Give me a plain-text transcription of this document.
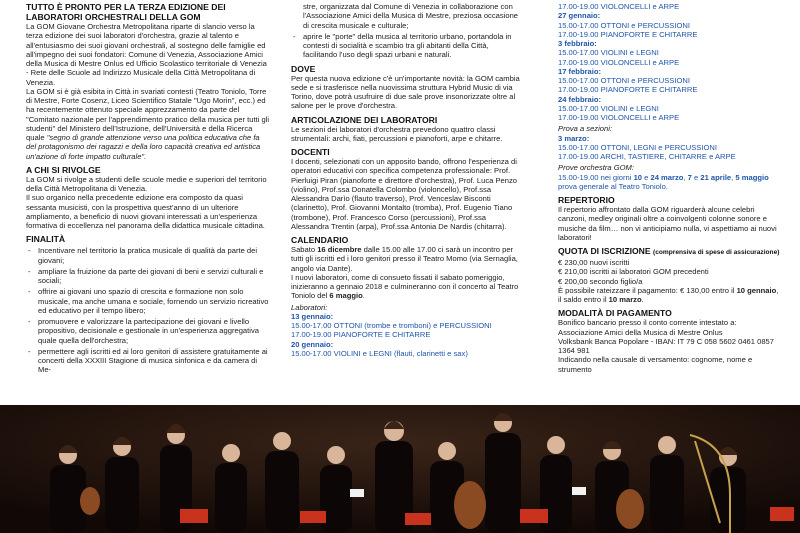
TUTTO È PRONTO PER LA TERZA EDIZIONE DEI LABORATORI ORCHESTRALI DELLA GOM

La GOM Giovane Orchestra Metropolitana riparte di slancio verso la terza edizione dei suoi laboratori d'orchestra, grazie al talento e all'entusiasmo dei suoi giovani orchestrali, al sostegno delle famiglie ed all'impegno dei suoi fondatori: Comune di Venezia, Associazione Amici della Musica di Mestre Onlus ed Ufficio Scolastico territoriale di Venezia - Rete delle Scuole ad Indirizzo Musicale della Città Metropolitana di Venezia.

La GOM si è già esibita in Città in svariati contesti (Teatro Toniolo, Torre di Mestre, Forte Cosenz, Liceo Scientifico Statale "Ugo Morin", ecc.) ed ha recentemente ottenuto speciale apprezzamento da parte del "Comitato nazionale per l'apprendimento pratico della musica per tutti gli studenti" del Ministero dell'Istruzione, dell'Università e della Ricerca quale "segno di grande attenzione verso una politica educativa che fa del protagonismo dei ragazzi e della loro capacità creativa ed artistica un'azione di forte impatto culturale".

A CHI SI RIVOLGE

La GOM si rivolge a studenti delle scuole medie e superiori del territorio della Città Metropolitana di Venezia.

Il suo organico nella precedente edizione era composto da quasi sessanta musicisti, con la prospettiva quest'anno di un ulteriore ampliamento, a beneficio di nuovi giovani interessati a un'esperienza formativa di eccellenza nel panorama della didattica musicale cittadina.

FINALITÀ
- Incentivare nel territorio la pratica musicale di qualità da parte dei giovani;
- ampliare la fruizione da parte dei giovani di beni e servizi culturali e sociali;
- offrire ai giovani uno spazio di crescita e formazione non solo musicale, ma anche umana e sociale, fornendo un servizio ricreativo ed educativo per il tempo libero;
- promuovere e valorizzare la partecipazione dei giovani e livello propositivo, decisionale e gestionale in un'esperienza aggregativa quale quella dell'orchestra;
- permettere agli iscritti ed ai loro genitori di assistere gratuitamente ai concerti della XXXIII Stagione di musica sinfonica e da camera di Me-
stre, organizzata dal Comune di Venezia in collaborazione con l'Associazione Amici della Musica di Mestre, preziosa occasione di crescita musicale e culturale;
- aprire le "porte" della musica al territorio urbano, portandola in contesti di socialità e scambio tra gli abitanti della Città, facilitando l'uso degli spazi urbani e naturali.
DOVE

Per questa nuova edizione c'è un'importante novità: la GOM cambia sede e si trasferisce nella nuovissima struttura Hybrid Music di via Torino, dove potrà usufruire di due sale prove insonorizzate oltre al salone per le prove d'orchestra.

ARTICOLAZIONE DEI LABORATORI

Le sezioni dei laboratori d'orchestra prevedono quattro classi strumentali: archi, fiati, percussioni e pianoforti, arpe e chitarre.

DOCENTI

I docenti, selezionati con un apposito bando, offrono l'esperienza di operatori educativi con specifica competenza professionale: Prof. Pierluigi Piran (pianoforte e direttore d'orchestra), Prof. Luca Penzo (violino), Prof.ssa Donatella Colombo (violoncello), Prof.ssa Alessandra Darìo (flauto traverso), Prof. Venceslav Bisconti (clarinetto), Prof. Giovanni Montalto (tromba), Prof. Eugenio Tiano (trombone), Prof. Francesco Corso (percussioni), Prof.ssa Alessandra Trentin (arpa), Prof.ssa Antonia De Nardis (chitarra).

CALENDARIO

Sabato 16 dicembre dalle 15.00 alle 17.00 ci sarà un incontro per tutti gli iscritti ed i loro genitori presso il Teatro Momo (via Sernaglia, angolo via Dante).

I nuovi laboratori, come di consueto fissati il sabato pomeriggio, inizieranno a gennaio 2018 e culmineranno con il concerto al Teatro Toniolo del 6 maggio.

Laboratori:
13 gennaio:
15.00-17.00 OTTONI (trombe e tromboni) e PERCUSSIONI
17.00-19.00 PIANOFORTE E CHITARRE
20 gennaio:
15.00-17.00 VIOLINI e LEGNI (flauti, clarinetti e sax)
17.00-19.00 VIOLONCELLI e ARPE
27 gennaio:
15.00-17.00 OTTONI e PERCUSSIONI
17.00-19.00 PIANOFORTE E CHITARRE
3 febbraio:
15.00-17.00 VIOLINI e LEGNI
17.00-19.00 VIOLONCELLI e ARPE
17 febbraio:
15.00-17.00 OTTONI e PERCUSSIONI
17.00-19.00 PIANOFORTE E CHITARRE
24 febbraio:
15.00-17.00 VIOLINI e LEGNI
17.00-19.00 VIOLONCELLI e ARPE
Prova a sezioni:
3 marzo:
15.00-17.00 OTTONI, LEGNI e PERCUSSIONI
17.00-19.00 ARCHI, TASTIERE, CHITARRE e ARPE
Prove orchestra GOM:

15.00-19.00 nei giorni 10 e 24 marzo, 7 e 21 aprile, 5 maggio prova generale al Teatro Toniolo.

REPERTORIO

Il repertorio affrontato dalla GOM riguarderà alcune celebri canzoni, medley originali oltre a coinvolgenti colonne sonore e musiche da film… non vi anticipiamo nulla, vi aspettiamo ai nuovi laboratori!

QUOTA DI ISCRIZIONE (comprensiva di spese di assicurazione)
€ 230,00 nuovi iscritti
€ 210,00 iscritti ai laboratori GOM precedenti
€ 200,00 secondo figlio/a

È possibile rateizzare il pagamento: € 130,00 entro il 10 gennaio, il saldo entro il 10 marzo.

MODALITÀ DI PAGAMENTO
Bonifico bancario presso il conto corrente intestato a:
Associazione Amici della Musica di Mestre Onlus
Volksbank Banca Popolare - IBAN: IT 79 C 058 5602 0461 0857 1364 981
Indicando nella causale di versamento: cognome, nome e strumento
